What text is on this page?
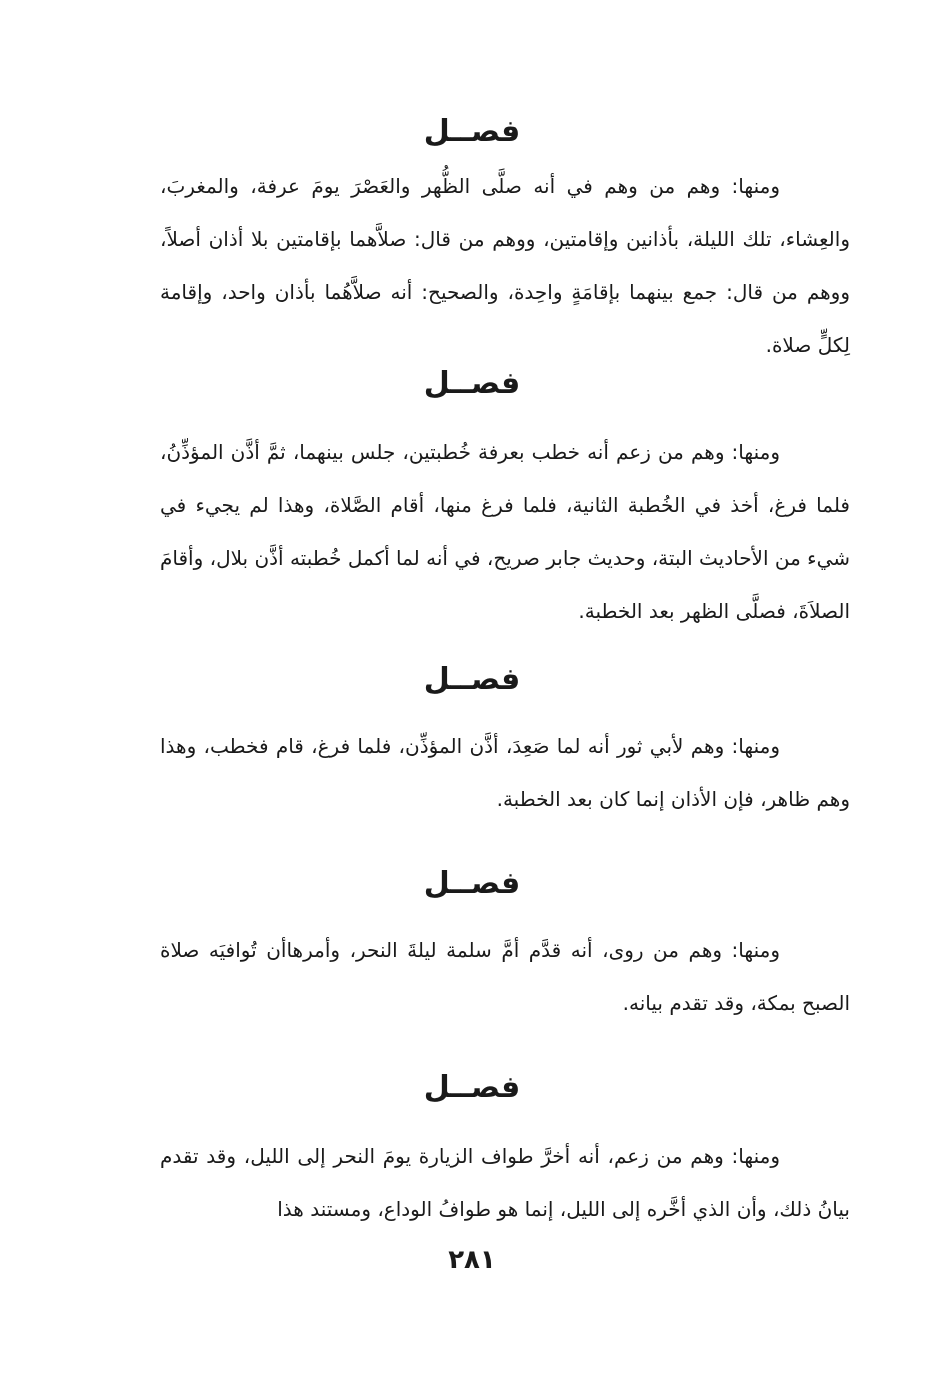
فصــل

ومنها: وهم من وهم في أنه صلَّى الظُّهر والعَصْرَ يومَ عرفة، والمغربَ، والعِشاء، تلك الليلة، بأذانين وإقامتين، ووهم من قال: صلاَّهما بإقامتين بلا أذان أصلاً، ووهم من قال: جمع بينهما بإقامَةٍ واحِدة، والصحيح: أنه صلاَّهُما بأذان واحد، وإقامة لِكلٍّ صلاة.

فصــل

ومنها: وهم من زعم أنه خطب بعرفة خُطبتين، جلس بينهما، ثمَّ أذَّن المؤذِّنُ، فلما فرغ، أخذ في الخُطبة الثانية، فلما فرغ منها، أقام الصَّلاة، وهذا لم يجيء في شيء من الأحاديث البتة، وحديث جابر صريح، في أنه لما أكمل خُطبته أذَّن بلال، وأقامَ الصلاَةَ، فصلَّى الظهر بعد الخطبة.

فصــل

ومنها: وهم لأبي ثور أنه لما صَعِدَ، أذَّن المؤذِّن، فلما فرغ، قام فخطب، وهذا وهم ظاهر، فإن الأذان إنما كان بعد الخطبة.

فصــل

ومنها: وهم من روى، أنه قدَّم أمَّ سلمة ليلةَ النحر، وأمرهاأن تُوافيَه صلاة الصبح بمكة، وقد تقدم بيانه.

فصــل

ومنها: وهم من زعم، أنه أخرَّ طواف الزيارة يومَ النحر إلى الليل، وقد تقدم بيانُ ذلك، وأن الذي أخَّره إلى الليل، إنما هو طوافُ الوداع، ومستند هذا

٢٨١
